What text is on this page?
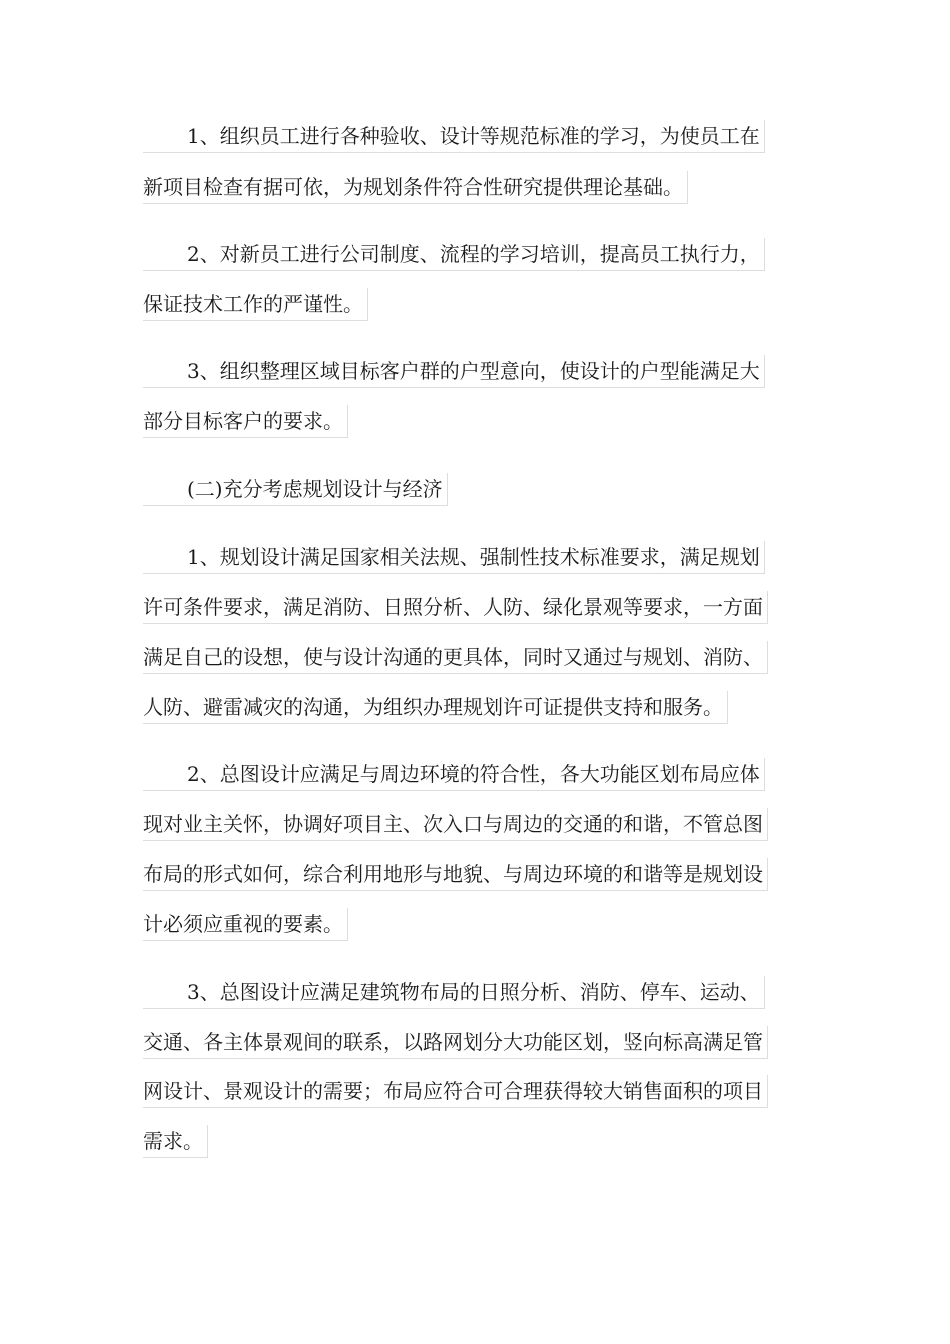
1、组织员工进行各种验收、设计等规范标准的学习，为使员工在
新项目检查有据可依，为规划条件符合性研究提供理论基础。
2、对新员工进行公司制度、流程的学习培训，提高员工执行力，
保证技术工作的严谨性。
3、组织整理区域目标客户群的户型意向，使设计的户型能满足大
部分目标客户的要求。
(二)充分考虑规划设计与经济
1、规划设计满足国家相关法规、强制性技术标准要求，满足规划
许可条件要求，满足消防、日照分析、人防、绿化景观等要求，一方面
满足自己的设想，使与设计沟通的更具体，同时又通过与规划、消防、
人防、避雷减灾的沟通，为组织办理规划许可证提供支持和服务。
2、总图设计应满足与周边环境的符合性，各大功能区划布局应体
现对业主关怀，协调好项目主、次入口与周边的交通的和谐，不管总图
布局的形式如何，综合利用地形与地貌、与周边环境的和谐等是规划设
计必须应重视的要素。
3、总图设计应满足建筑物布局的日照分析、消防、停车、运动、
交通、各主体景观间的联系，以路网划分大功能区划，竖向标高满足管
网设计、景观设计的需要；布局应符合可合理获得较大销售面积的项目
需求。
